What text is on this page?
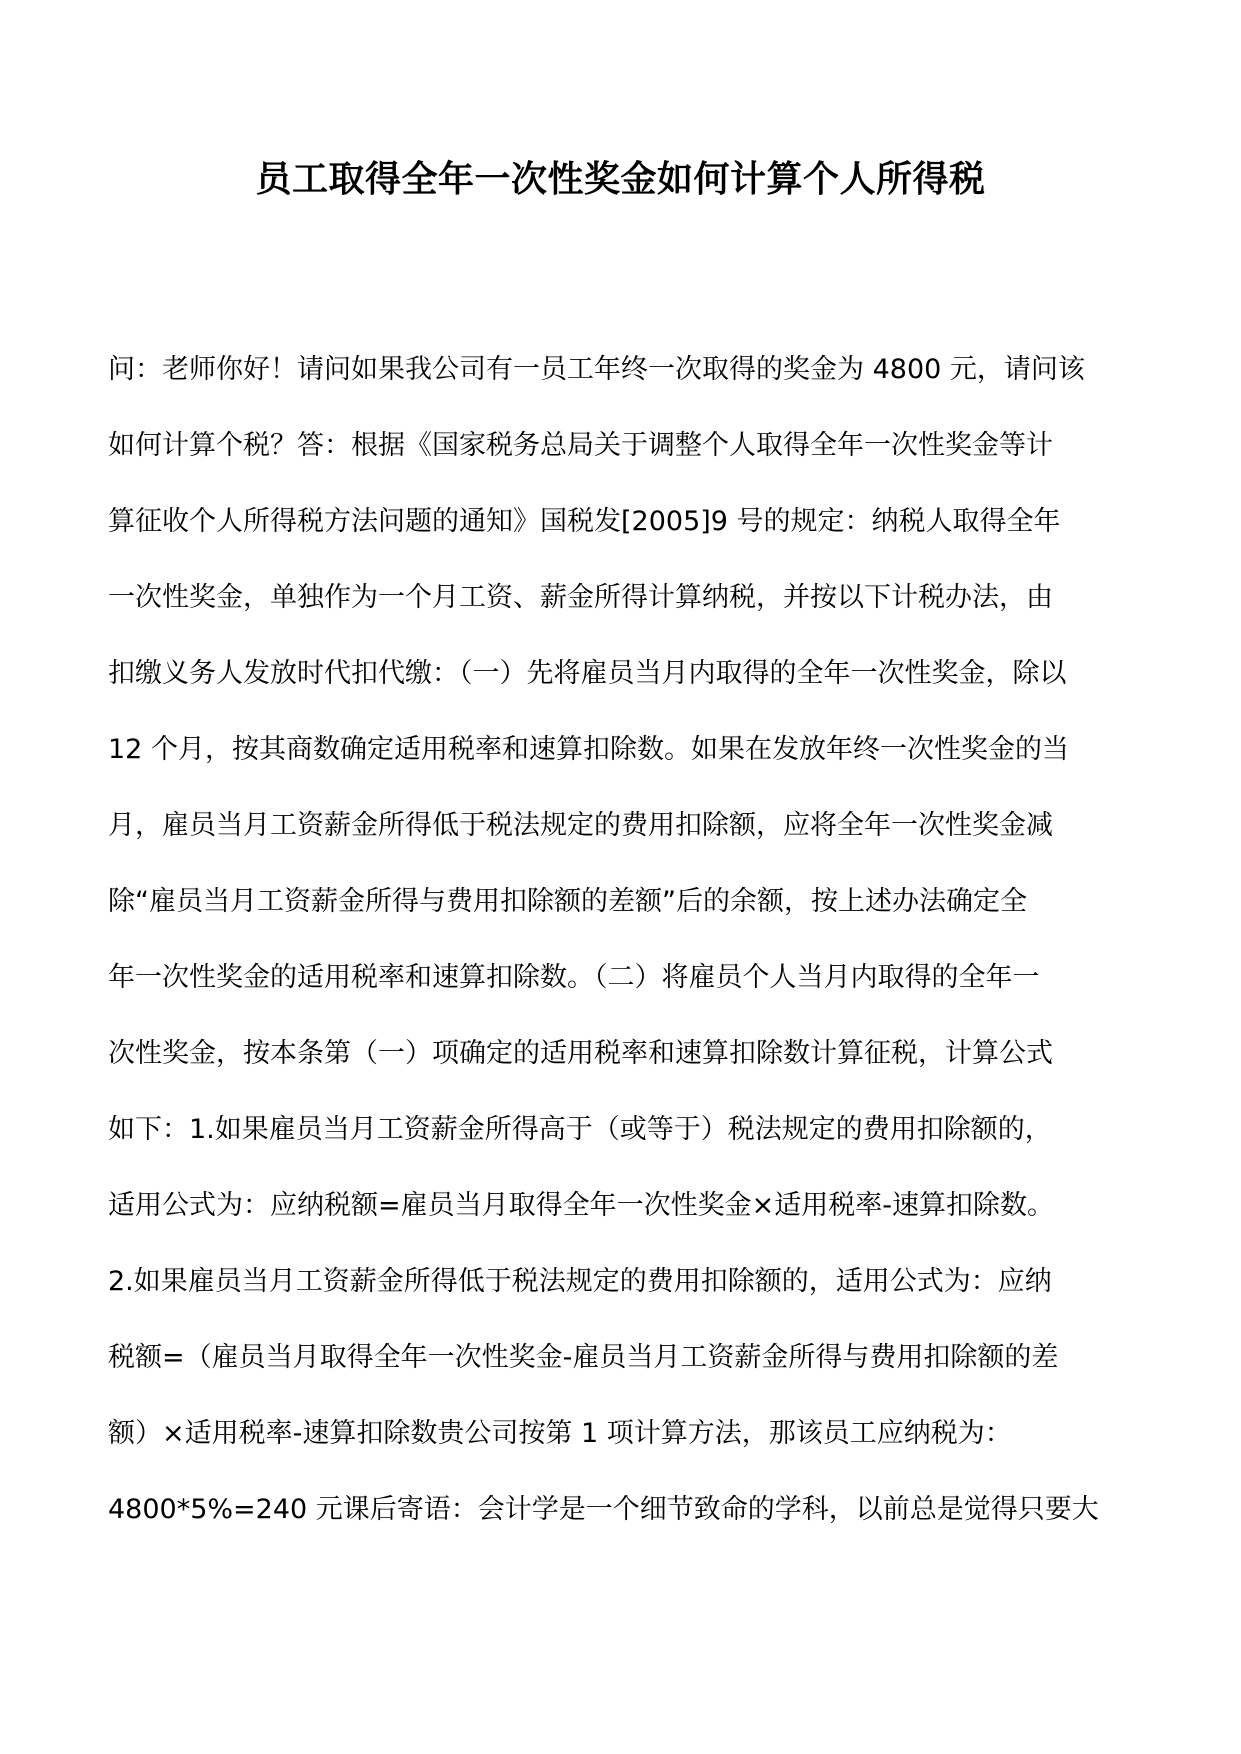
员工取得全年一次性奖金如何计算个人所得税
问：老师你好！请问如果我公司有一员工年终一次取得的奖金为 4800 元，请问该
如何计算个税？答：根据《国家税务总局关于调整个人取得全年一次性奖金等计
算征收个人所得税方法问题的通知》国税发[2005]9 号的规定：纳税人取得全年
一次性奖金，单独作为一个月工资、薪金所得计算纳税，并按以下计税办法，由
扣缴义务人发放时代扣代缴：（一）先将雇员当月内取得的全年一次性奖金，除以
12 个月，按其商数确定适用税率和速算扣除数。如果在发放年终一次性奖金的当
月，雇员当月工资薪金所得低于税法规定的费用扣除额，应将全年一次性奖金减
除“雇员当月工资薪金所得与费用扣除额的差额”后的余额，按上述办法确定全
年一次性奖金的适用税率和速算扣除数。（二）将雇员个人当月内取得的全年一
次性奖金，按本条第（一）项确定的适用税率和速算扣除数计算征税，计算公式
如下：1.如果雇员当月工资薪金所得高于（或等于）税法规定的费用扣除额的，
适用公式为：应纳税额=雇员当月取得全年一次性奖金×适用税率-速算扣除数。
2.如果雇员当月工资薪金所得低于税法规定的费用扣除额的，适用公式为：应纳
税额=（雇员当月取得全年一次性奖金-雇员当月工资薪金所得与费用扣除额的差
额）×适用税率-速算扣除数贵公司按第 1 项计算方法，那该员工应纳税为：
4800*5%=240 元课后寄语：会计学是一个细节致命的学科，以前总是觉得只要大
